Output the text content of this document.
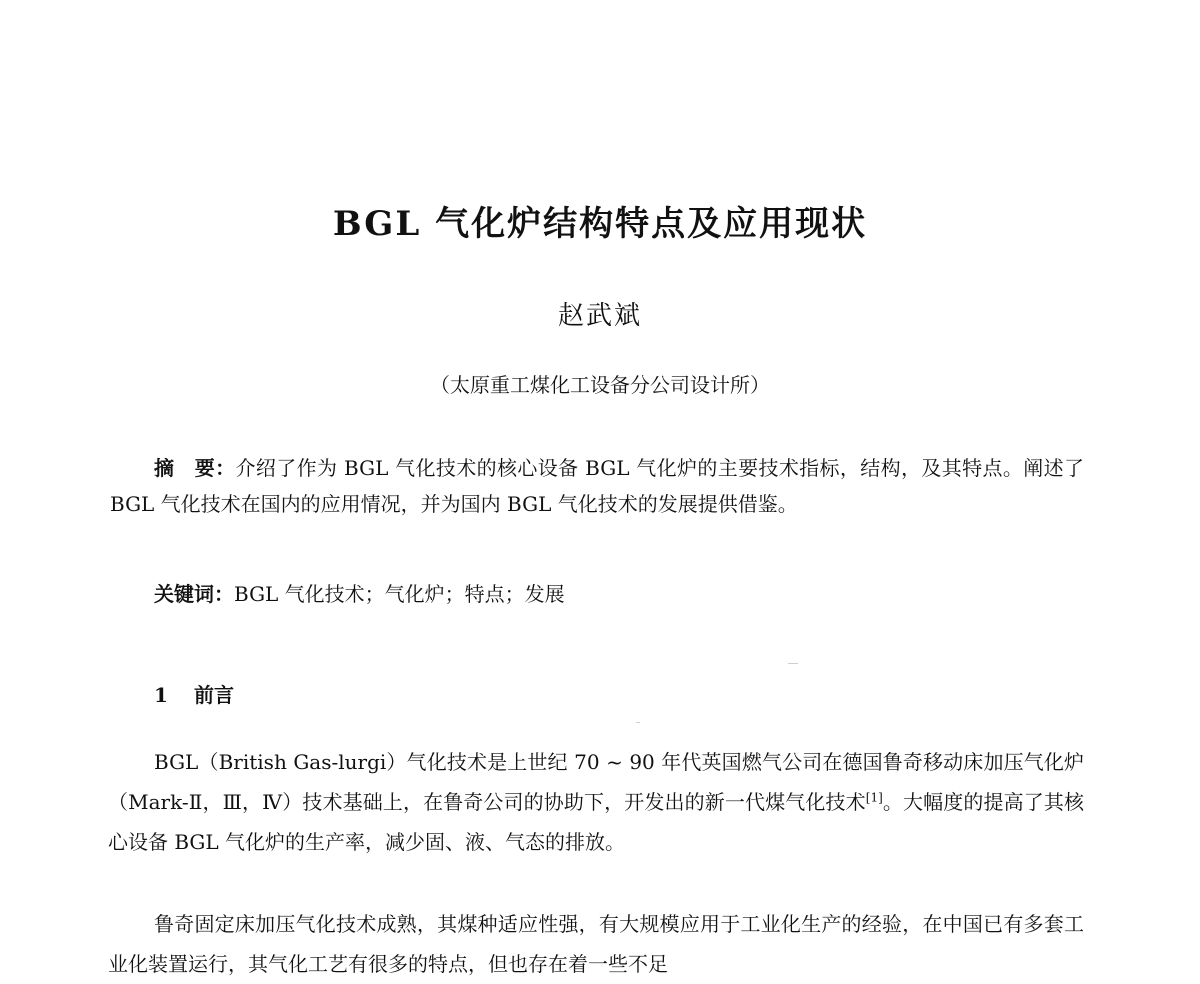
BGL 气化炉结构特点及应用现状
赵武斌
（太原重工煤化工设备分公司设计所）
摘　要：介绍了作为 BGL 气化技术的核心设备 BGL 气化炉的主要技术指标，结构，及其特点。阐述了 BGL 气化技术在国内的应用情况，并为国内 BGL 气化技术的发展提供借鉴。
关键词：BGL 气化技术；气化炉；特点；发展
1 前言
BGL（British Gas-lurgi）气化技术是上世纪 70 ~ 90 年代英国燃气公司在德国鲁奇移动床加压气化炉（Mark-Ⅱ，Ⅲ，Ⅳ）技术基础上，在鲁奇公司的协助下，开发出的新一代煤气化技术[1]。大幅度的提高了其核心设备 BGL 气化炉的生产率，减少固、液、气态的排放。
鲁奇固定床加压气化技术成熟，其煤种适应性强，有大规模应用于工业化生产的经验，在中国已有多套工业化装置运行，其气化工艺有很多的特点，但也存在着一些不足
